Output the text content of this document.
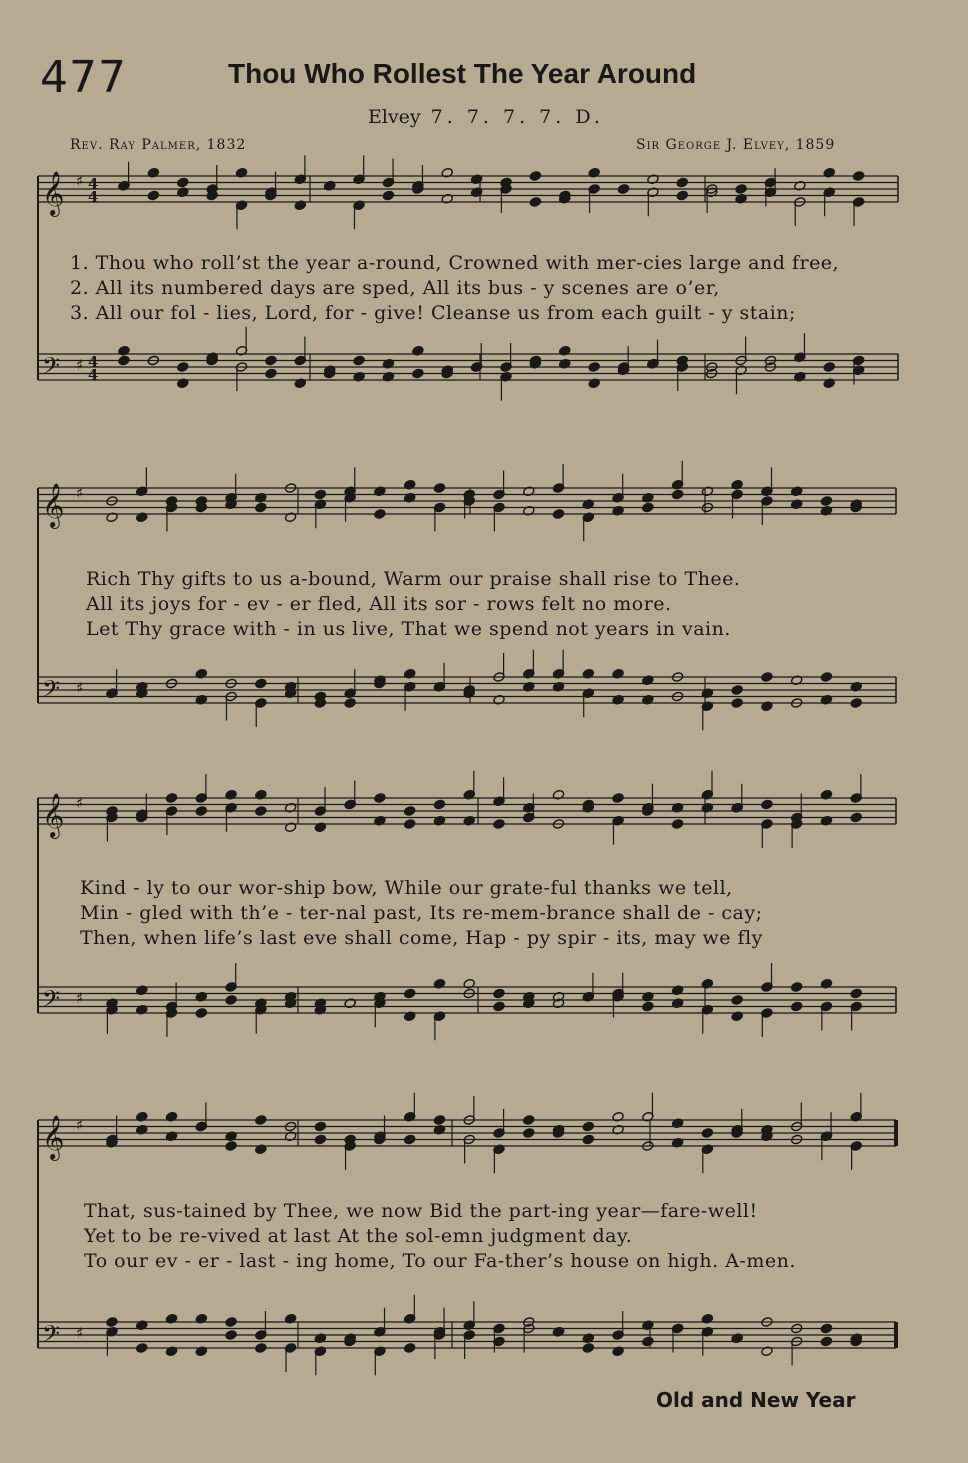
477	Thou Who Rollest The Year Around
Elvey 7. 7. 7. 7. D.
Rev. Ray Palmer, 1832	Sir George J. Elvey, 1859
𝄞 ♯ 4
4
𝄢 ♯ 4
4
𝄞 ♯
𝄢 ♯
𝄞 ♯
𝄢 ♯
𝄞 ♯
𝄢 ♯
1. Thou who roll’st the year a-round, Crowned with mer-cies large and free,
2. All its numbered days are sped, All its bus - y scenes are o’er,
3. All our fol - lies, Lord, for - give! Cleanse us from each guilt - y stain;
Rich Thy gifts to us a-bound, Warm our praise shall rise to Thee.
All its joys for - ev - er fled, All its sor - rows felt no more.
Let Thy grace with - in us live, That we spend not years in vain.
Kind - ly to our wor-ship bow, While our grate-ful thanks we tell,
Min - gled with th’e - ter-nal past, Its re-mem-brance shall de - cay;
Then, when life’s last eve shall come, Hap - py spir - its, may we fly
That, sus-tained by Thee, we now Bid the part-ing year—fare-well!
Yet to be re-vived at last At the sol-emn judgment day.
To our ev - er - last - ing home, To our Fa-ther’s house on high. A-men.
Old and New Year
